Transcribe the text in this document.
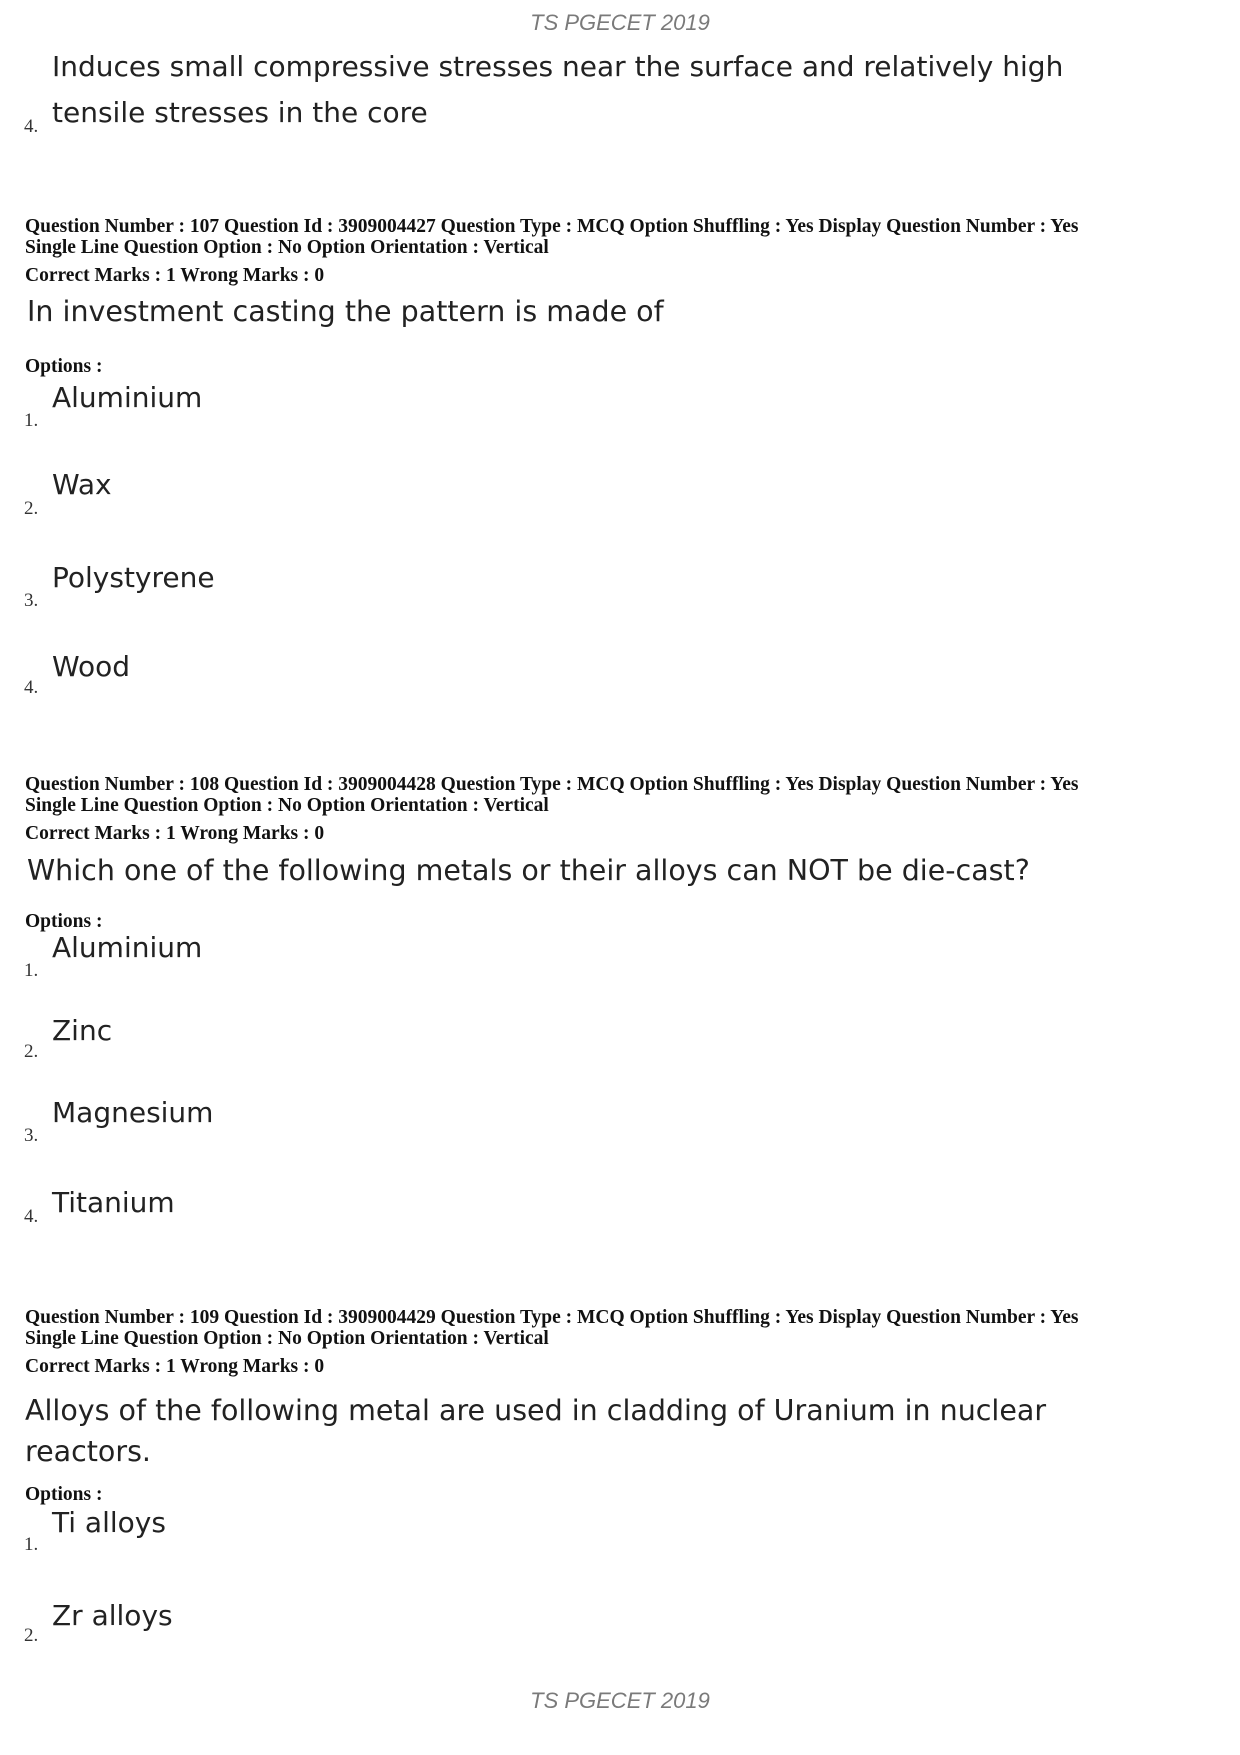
TS PGECET 2019
Induces small compressive stresses near the surface and relatively high
tensile stresses in the core
4.
Question Number : 107 Question Id : 3909004427 Question Type : MCQ Option Shuffling : Yes Display Question Number : Yes
Single Line Question Option : No Option Orientation : Vertical
Correct Marks : 1 Wrong Marks : 0
In investment casting the pattern is made of
Options :
1.
Aluminium
2.
Wax
3.
Polystyrene
4.
Wood
Question Number : 108 Question Id : 3909004428 Question Type : MCQ Option Shuffling : Yes Display Question Number : Yes
Single Line Question Option : No Option Orientation : Vertical
Correct Marks : 1 Wrong Marks : 0
Which one of the following metals or their alloys can NOT be die-cast?
Options :
1.
Aluminium
2.
Zinc
3.
Magnesium
4. Titanium
Question Number : 109 Question Id : 3909004429 Question Type : MCQ Option Shuffling : Yes Display Question Number : Yes
Single Line Question Option : No Option Orientation : Vertical
Correct Marks : 1 Wrong Marks : 0
Alloys of the following metal are used in cladding of Uranium in nuclear
reactors.
Options :
1.
Ti alloys
2.
Zr alloys
TS PGECET 2019
